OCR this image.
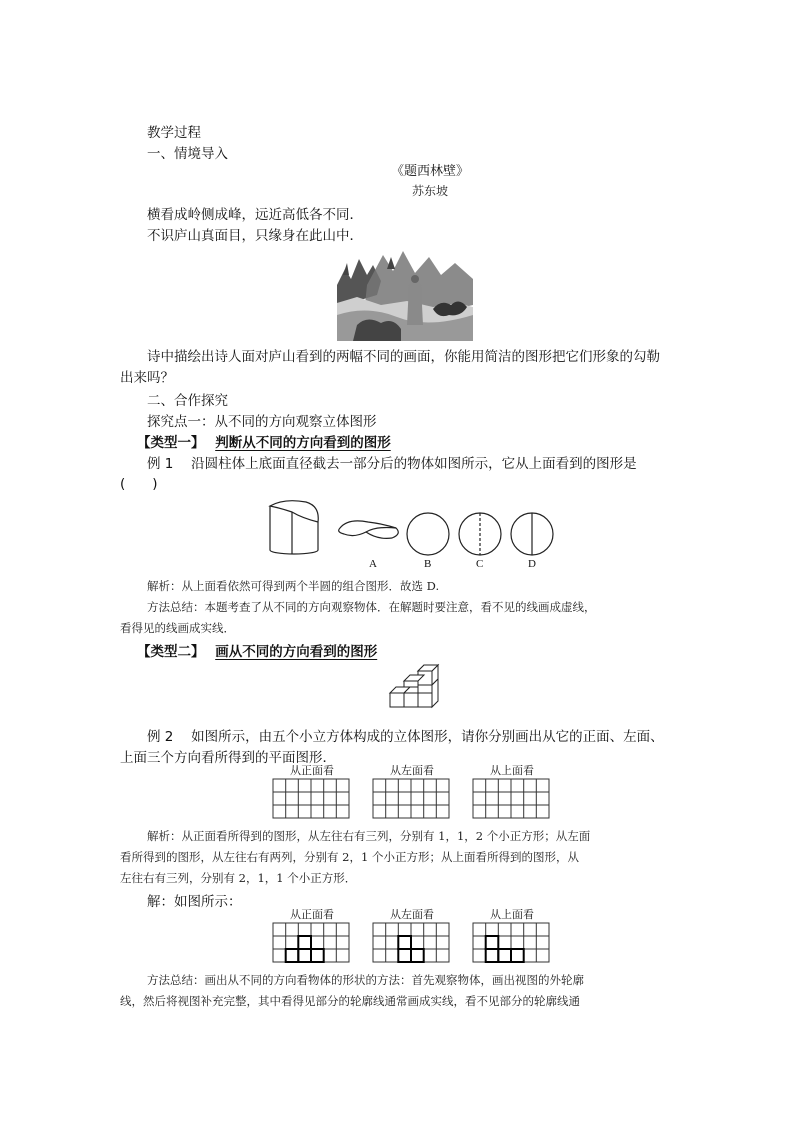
教学过程
一、情境导入
《题西林壁》
苏东坡
横看成岭侧成峰，远近高低各不同．
不识庐山真面目，只缘身在此山中．
诗中描绘出诗人面对庐山看到的两幅不同的画面，你能用简洁的图形把它们形象的勾勒
出来吗？
二、合作探究
探究点一：从不同的方向观察立体图形
【类型一】 判断从不同的方向看到的图形
例 1　 沿圆柱体上底面直径截去一部分后的物体如图所示，它从上面看到的图形是
(　　)
A	B	C	D
解析：从上面看依然可得到两个半圆的组合图形．故选 D.
方法总结：本题考查了从不同的方向观察物体．在解题时要注意，看不见的线画成虚线，
看得见的线画成实线．
【类型二】 画从不同的方向看到的图形
例 2　 如图所示，由五个小立方体构成的立体图形，请你分别画出从它的正面、左面、
上面三个方向看所得到的平面图形．
从正面看	从左面看	从上面看
解析：从正面看所得到的图形，从左往右有三列，分别有 1，1，2 个小正方形；从左面
看所得到的图形，从左往右有两列，分别有 2，1 个小正方形；从上面看所得到的图形，从
左往右有三列，分别有 2，1，1 个小正方形．
解：如图所示：
从正面看	从左面看	从上面看
方法总结：画出从不同的方向看物体的形状的方法：首先观察物体，画出视图的外轮廓
线，然后将视图补充完整，其中看得见部分的轮廓线通常画成实线，看不见部分的轮廓线通
